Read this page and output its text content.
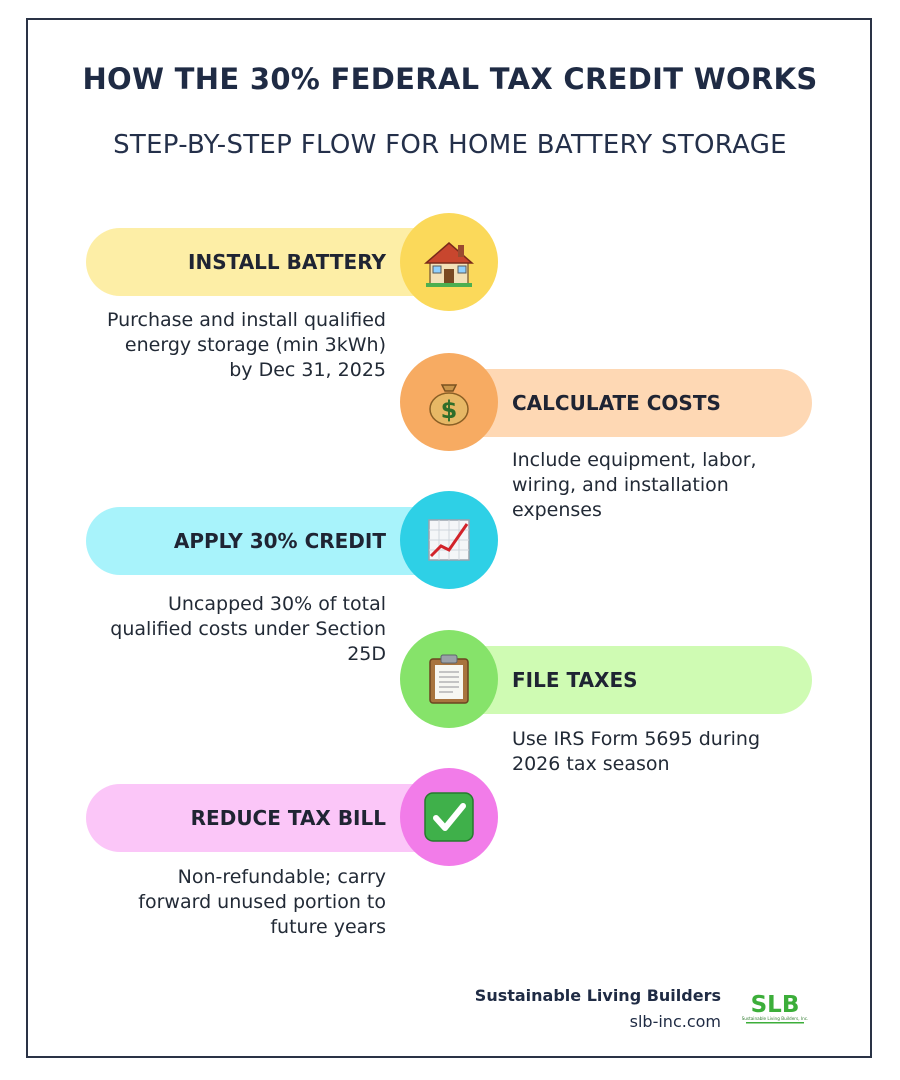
HOW THE 30% FEDERAL TAX CREDIT WORKS
STEP-BY-STEP FLOW FOR HOME BATTERY STORAGE
INSTALL BATTERY
Purchase and install qualified
energy storage (min 3kWh)
by Dec 31, 2025
CALCULATE COSTS
$
Include equipment, labor,
wiring, and installation
expenses
APPLY 30% CREDIT
Uncapped 30% of total
qualified costs under Section
25D
FILE TAXES
Use IRS Form 5695 during
2026 tax season
REDUCE TAX BILL
Non-refundable; carry
forward unused portion to
future years
Sustainable Living Builders
slb-inc.com
SLB
Sustainable Living Builders, Inc.
